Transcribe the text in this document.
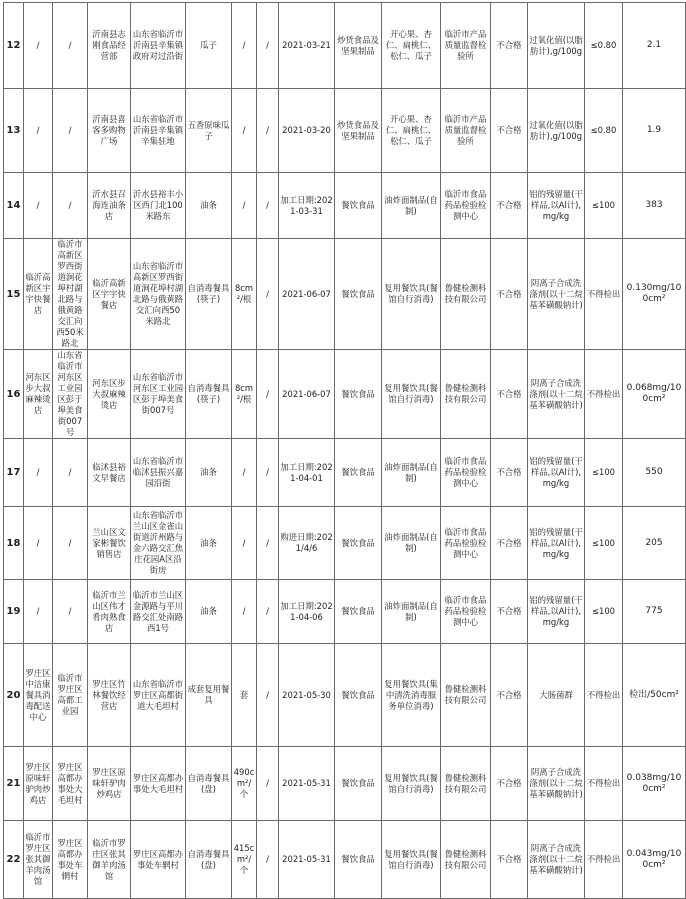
12	/	/	沂南县志刚食品经营部	山东省临沂市沂南县辛集镇政府对过沿街	瓜子	/	/	2021-03-21	炒货食品及坚果制品	开心果、杏仁、扁桃仁、松仁、瓜子	临沂市产品质量监督检验所	不合格	过氧化值(以脂肪计),g/100g	≤0.80	2.1
13	/	/	沂南县喜客多购物广场	山东省临沂市沂南县辛集镇辛集驻地	五香原味瓜子	/	/	2021-03-20	炒货食品及坚果制品	开心果、杏仁、扁桃仁、松仁、瓜子	临沂市产品质量监督检验所	不合格	过氧化值(以脂肪计),g/100g	≤0.80	1.9
14	/	/	沂水县召海连油条店	沂水县裕丰小区西门北100米路东	油条	/	/	加工日期:2021-03-31	餐饮食品	油炸面制品(自制)	临沂市食品药品检验检测中心	不合格	铝的残留量(干样品,以Al计),mg/kg	≤100	383
15	临沂高新区宇宇快餐店	临沂市高新区罗西街道涧花埠村湖北路与俄黄路交汇向西50米路北	临沂高新区宇宇快餐店	山东省临沂市高新区罗西街道涧花埠村湖北路与俄黄路交汇向西50米路北	自消毒餐具(筷子)	8cm²/根	/	2021-06-07	餐饮食品	复用餐饮具(餐馆自行消毒)	鲁健检测科技有限公司	不合格	阴离子合成洗涤剂(以十二烷基苯磺酸钠计)	不得检出	0.130mg/100cm²
16	河东区步大叔麻辣烫店	山东省临沂市河东区工业园区彭于埠美食街007号	河东区步大叔麻辣烫店	山东省临沂市河东区工业园区彭于埠美食街007号	自消毒餐具(筷子)	8cm²/根	/	2021-06-07	餐饮食品	复用餐饮具(餐馆自行消毒)	鲁健检测科技有限公司	不合格	阴离子合成洗涤剂(以十二烷基苯磺酸钠计)	不得检出	0.068mg/100cm²
17	/	/	临沭县裕文早餐店	山东省临沂市临沭县振兴嘉园沿街	油条	/	/	加工日期:2021-04-01	餐饮食品	油炸面制品(自制)	临沂市食品药品检验检测中心	不合格	铝的残留量(干样品,以Al计),mg/kg	≤100	550
18	/	/	兰山区文家彬餐饮销售店	山东省临沂市兰山区金雀山街道沂州路与金六路交汇焦庄花园A区沿街房	油条	/	/	购进日期:2021/4/6	餐饮食品	油炸面制品(自制)	临沂市食品药品检验检测中心	不合格	铝的残留量(干样品,以Al计),mg/kg	≤100	205
19	/	/	临沂市兰山区伟才肴肉熟食店	临沂市兰山区金源路与平川路交汇处南路西1号	油条	/	/	加工日期:2021-04-06	餐饮食品	油炸面制品(自制)	临沂市食品药品检验检测中心	不合格	铝的残留量(干样品,以Al计),mg/kg	≤100	775
20	罗庄区中洁康餐具消毒配送中心	临沂市罗庄区高都工业园	罗庄区竹林餐饮经营店	山东省临沂市罗庄区高都街道大毛坦村	成套复用餐具	套	/	2021-05-30	餐饮食品	复用餐饮具(集中清洗消毒服务单位消毒)	鲁健检测科技有限公司	不合格	大肠菌群	不得检出	检出/50cm²
21	罗庄区原味轩驴肉炒鸡店	罗庄区高都办事处大毛坦村	罗庄区原味轩驴肉炒鸡店	罗庄区高都办事处大毛坦村	自消毒餐具(盘)	490cm²/个	/	2021-05-31	餐饮食品	复用餐饮具(餐馆自行消毒)	鲁健检测科技有限公司	不合格	阴离子合成洗涤剂(以十二烷基苯磺酸钠计)	不得检出	0.038mg/100cm²
22	临沂市罗庄区张其御羊肉汤馆	罗庄区高都办事处车辋村	临沂市罗庄区张其御羊肉汤馆	罗庄区高都办事处车辋村	自消毒餐具(盘)	415cm²/个	/	2021-05-31	餐饮食品	复用餐饮具(餐馆自行消毒)	鲁健检测科技有限公司	不合格	阴离子合成洗涤剂(以十二烷基苯磺酸钠计)	不得检出	0.043mg/100cm²
